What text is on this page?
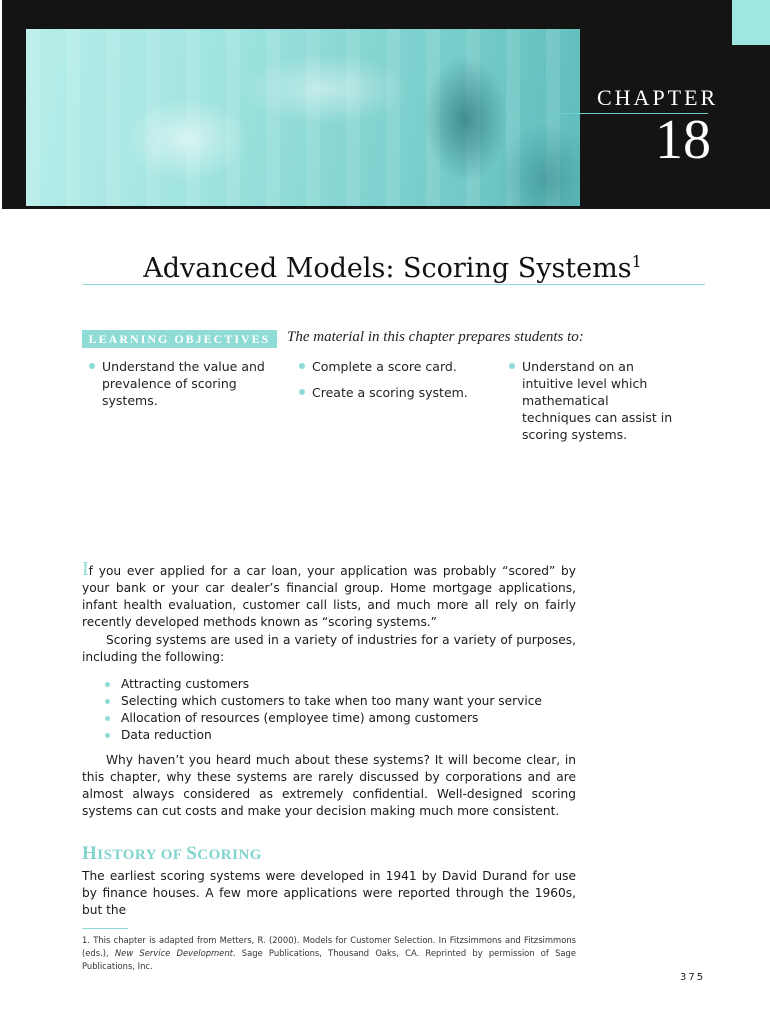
CHAPTER
18
Advanced Models: Scoring Systems$^1$
LEARNING OBJECTIVES	The material in this chapter prepares students to:
Understand the value and prevalence of scoring systems.
Complete a score card.
Create a scoring system.
Understand on an intuitive level which mathematical techniques can assist in scoring systems.
If you ever applied for a car loan, your application was probably “scored” by your bank or your car dealer’s financial group. Home mortgage applications, infant health evaluation, customer call lists, and much more all rely on fairly recently developed methods known as “scoring systems.”
Scoring systems are used in a variety of industries for a variety of purposes, including the following:
Attracting customers
Selecting which customers to take when too many want your service
Allocation of resources (employee time) among customers
Data reduction
Why haven’t you heard much about these systems? It will become clear, in this chapter, why these systems are rarely discussed by corporations and are almost always considered as extremely confidential. Well-designed scoring systems can cut costs and make your decision making much more consistent.
HISTORY OF SCORING
The earliest scoring systems were developed in 1941 by David Durand for use by finance houses. A few more applications were reported through the 1960s, but the
1. This chapter is adapted from Metters, R. (2000). Models for Customer Selection. In Fitzsimmons and Fitzsimmons (eds.), New Service Development. Sage Publications, Thousand Oaks, CA. Reprinted by permission of Sage Publications, Inc.
375
